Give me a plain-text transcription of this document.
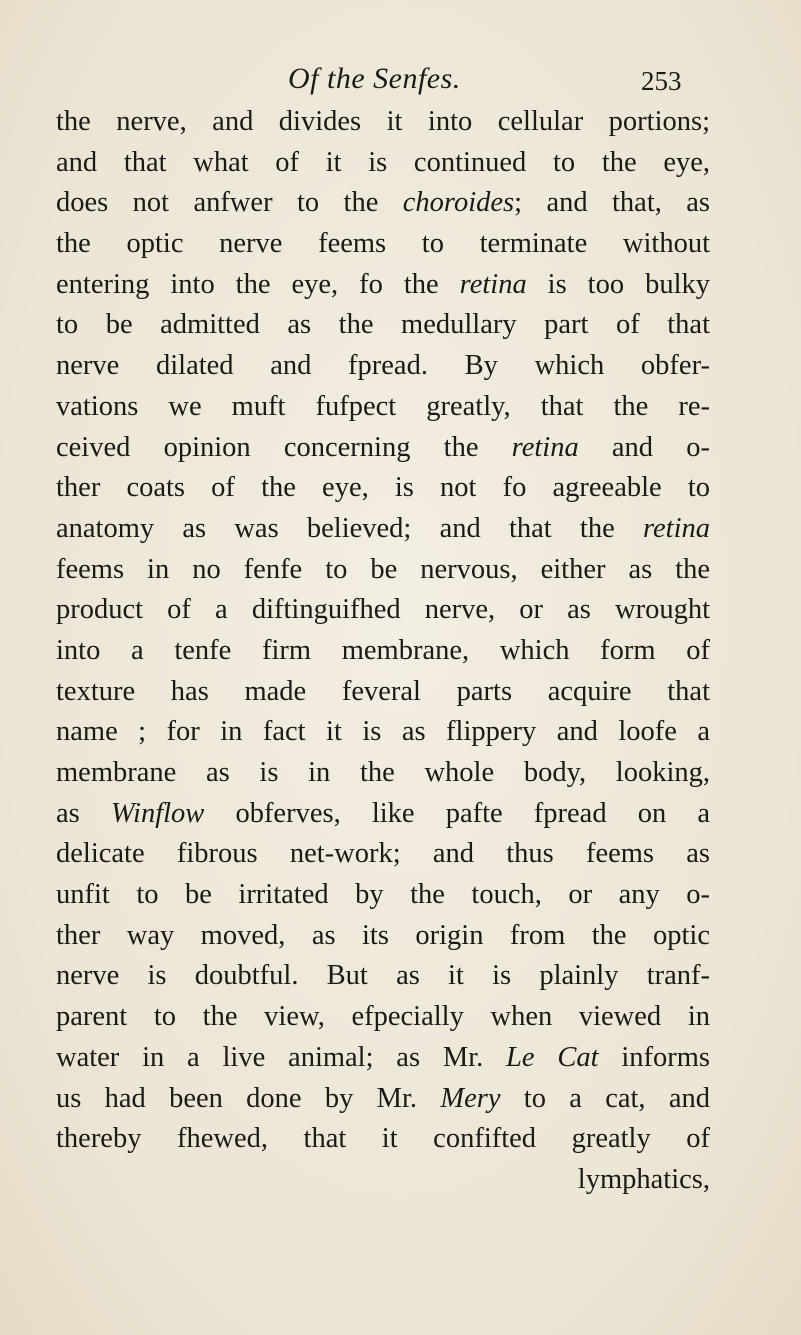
Of the Senfes.	253
the nerve, and divides it into cellular portions;
and that what of it is continued to the eye,
does not anfwer to the choroides; and that, as
the optic nerve feems to terminate without
entering into the eye, fo the retina is too bulky
to be admitted as the medullary part of that
nerve dilated and fpread. By which obfer-
vations we muft fufpect greatly, that the re-
ceived opinion concerning the retina and o-
ther coats of the eye, is not fo agreeable to
anatomy as was believed; and that the retina
feems in no fenfe to be nervous, either as the
product of a diftinguifhed nerve, or as wrought
into a tenfe firm membrane, which form of
texture has made feveral parts acquire that
name ; for in fact it is as flippery and loofe a
membrane as is in the whole body, looking,
as Winflow obferves, like pafte fpread on a
delicate fibrous net-work; and thus feems as
unfit to be irritated by the touch, or any o-
ther way moved, as its origin from the optic
nerve is doubtful. But as it is plainly tranf-
parent to the view, efpecially when viewed in
water in a live animal; as Mr. Le Cat informs
us had been done by Mr. Mery to a cat, and
thereby fhewed, that it confifted greatly of
lymphatics,
